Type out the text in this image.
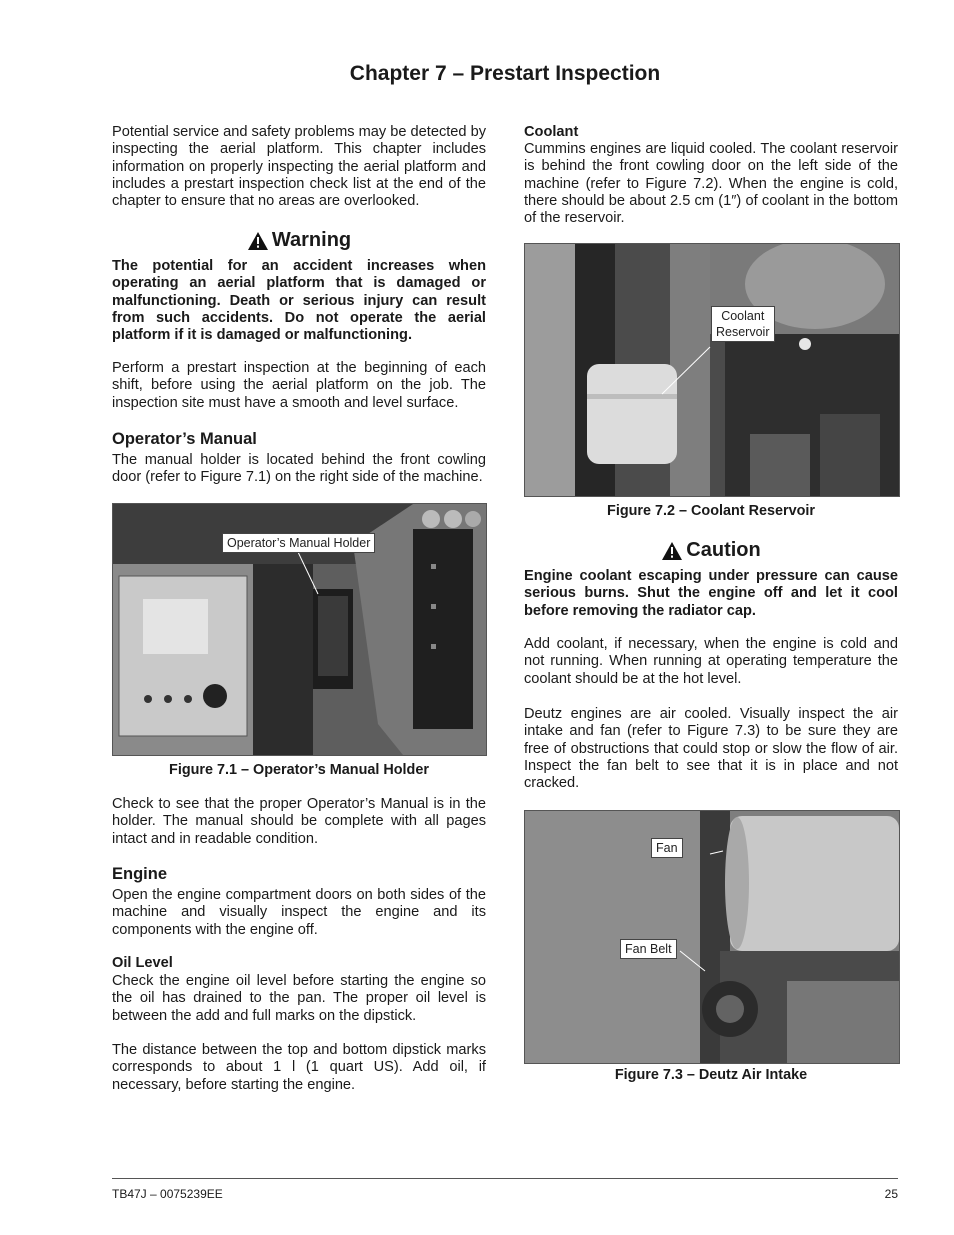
Chapter 7 – Prestart Inspection

Potential service and safety problems may be detected by inspecting the aerial platform. This chapter includes information on properly inspecting the aerial platform and includes a prestart inspection check list at the end of the chapter to ensure that no areas are overlooked.

Warning

The potential for an accident increases when operating an aerial platform that is damaged or malfunctioning. Death or serious injury can result from such accidents. Do not operate the aerial platform if it is damaged or malfunctioning.

Perform a prestart inspection at the beginning of each shift, before using the aerial platform on the job. The inspection site must have a smooth and level surface.

Operator’s Manual

The manual holder is located behind the front cowling door (refer to Figure 7.1) on the right side of the machine.

Operator’s Manual Holder
Figure 7.1 – Operator’s Manual Holder

Check to see that the proper Operator’s Manual is in the holder. The manual should be complete with all pages intact and in readable condition.

Engine

Open the engine compartment doors on both sides of the machine and visually inspect the engine and its components with the engine off.

Oil Level

Check the engine oil level before starting the engine so the oil has drained to the pan. The proper oil level is between the add and full marks on the dipstick.

The distance between the top and bottom dipstick marks corresponds to about 1 l (1 quart US). Add oil, if necessary, before starting the engine.

Coolant

Cummins engines are liquid cooled. The coolant reservoir is behind the front cowling door on the left side of the machine (refer to Figure 7.2). When the engine is cold, there should be about 2.5 cm (1″) of coolant in the bottom of the reservoir.

Coolant
Reservoir
Figure 7.2 – Coolant Reservoir
Caution

Engine coolant escaping under pressure can cause serious burns. Shut the engine off and let it cool before removing the radiator cap.

Add coolant, if necessary, when the engine is cold and not running. When running at operating temperature the coolant should be at the hot level.

Deutz engines are air cooled. Visually inspect the air intake and fan (refer to Figure 7.3) to be sure they are free of obstructions that could stop or slow the flow of air. Inspect the fan belt to see that it is in place and not cracked.

Fan
Fan Belt
Figure 7.3 – Deutz Air Intake
TB47J – 0075239EE	25
